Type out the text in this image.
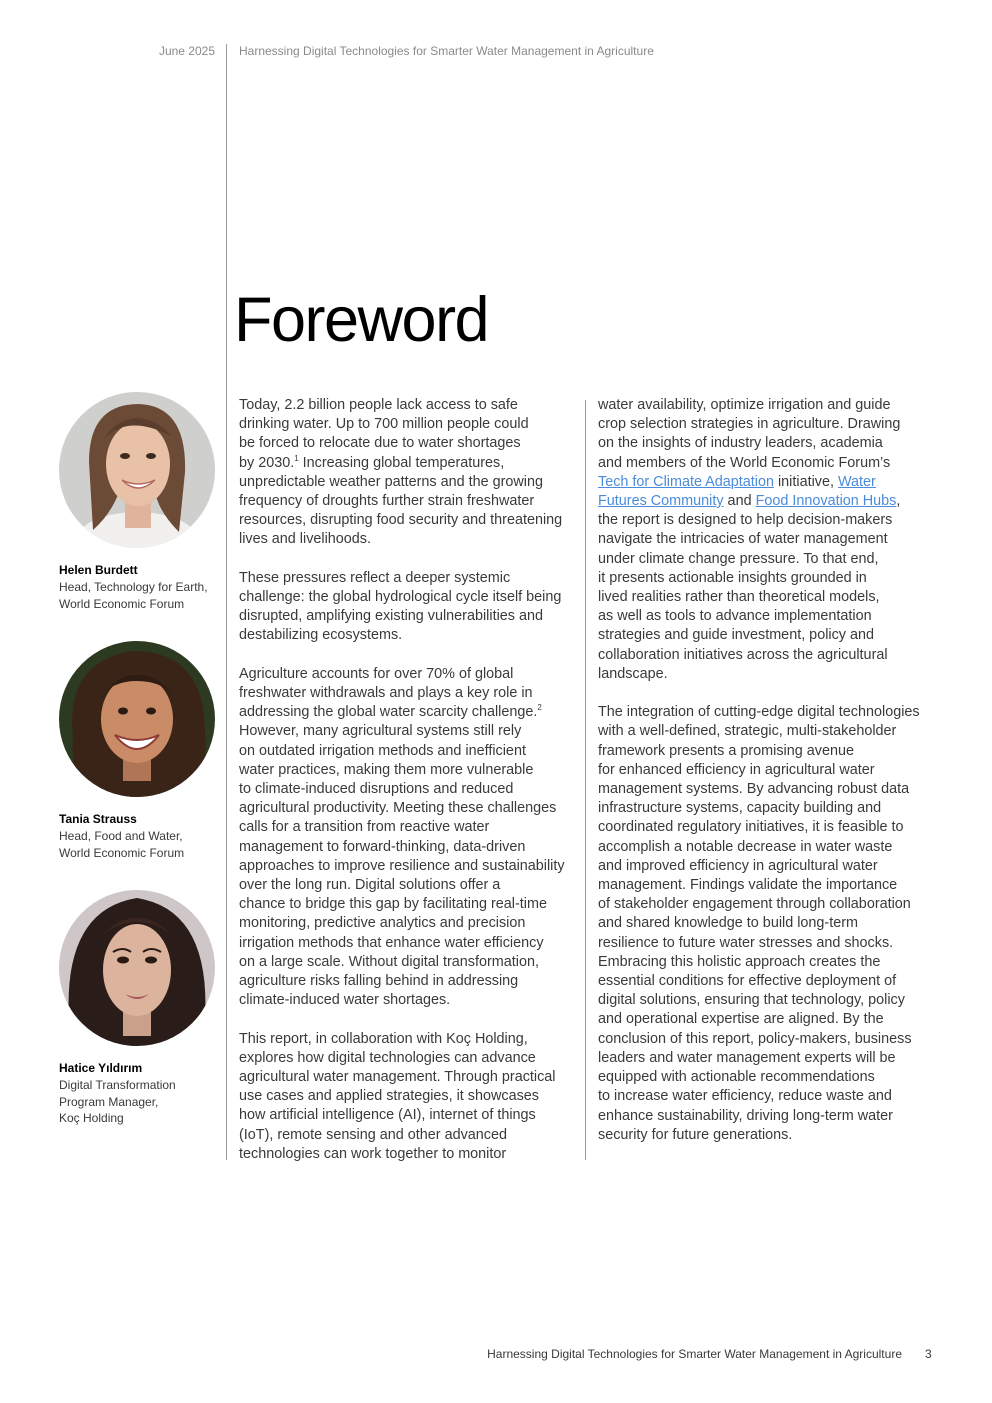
June 2025 Harnessing Digital Technologies for Smarter Water Management in Agriculture
Foreword
Helen Burdett
Head, Technology for Earth,
World Economic Forum
Tania Strauss
Head, Food and Water,
World Economic Forum
Hatice Yıldırım
Digital Transformation
Program Manager,
Koç Holding

Today, 2.2 billion people lack access to safe
drinking water. Up to 700 million people could
be forced to relocate due to water shortages
by 2030.$^1$ Increasing global temperatures,
unpredictable weather patterns and the growing
frequency of droughts further strain freshwater
resources, disrupting food security and threatening
lives and livelihoods.

These pressures reflect a deeper systemic
challenge: the global hydrological cycle itself being
disrupted, amplifying existing vulnerabilities and
destabilizing ecosystems.

Agriculture accounts for over 70% of global
freshwater withdrawals and plays a key role in
addressing the global water scarcity challenge.$^2$
However, many agricultural systems still rely
on outdated irrigation methods and inefficient
water practices, making them more vulnerable
to climate-induced disruptions and reduced
agricultural productivity. Meeting these challenges
calls for a transition from reactive water
management to forward-thinking, data-driven
approaches to improve resilience and sustainability
over the long run. Digital solutions offer a
chance to bridge this gap by facilitating real-time
monitoring, predictive analytics and precision
irrigation methods that enhance water efficiency
on a large scale. Without digital transformation,
agriculture risks falling behind in addressing
climate-induced water shortages.

This report, in collaboration with Koç Holding,
explores how digital technologies can advance
agricultural water management. Through practical
use cases and applied strategies, it showcases
how artificial intelligence (AI), internet of things
(IoT), remote sensing and other advanced
technologies can work together to monitor

water availability, optimize irrigation and guide
crop selection strategies in agriculture. Drawing
on the insights of industry leaders, academia
and members of the World Economic Forum’s
Tech for Climate Adaptation initiative, Water
Futures Community and Food Innovation Hubs,
the report is designed to help decision-makers
navigate the intricacies of water management
under climate change pressure. To that end,
it presents actionable insights grounded in
lived realities rather than theoretical models,
as well as tools to advance implementation
strategies and guide investment, policy and
collaboration initiatives across the agricultural
landscape.

The integration of cutting-edge digital technologies
with a well-defined, strategic, multi-stakeholder
framework presents a promising avenue
for enhanced efficiency in agricultural water
management systems. By advancing robust data
infrastructure systems, capacity building and
coordinated regulatory initiatives, it is feasible to
accomplish a notable decrease in water waste
and improved efficiency in agricultural water
management. Findings validate the importance
of stakeholder engagement through collaboration
and shared knowledge to build long-term
resilience to future water stresses and shocks.
Embracing this holistic approach creates the
essential conditions for effective deployment of
digital solutions, ensuring that technology, policy
and operational expertise are aligned. By the
conclusion of this report, policy-makers, business
leaders and water management experts will be
equipped with actionable recommendations
to increase water efficiency, reduce waste and
enhance sustainability, driving long-term water
security for future generations.

Harnessing Digital Technologies for Smarter Water Management in Agriculture 3
